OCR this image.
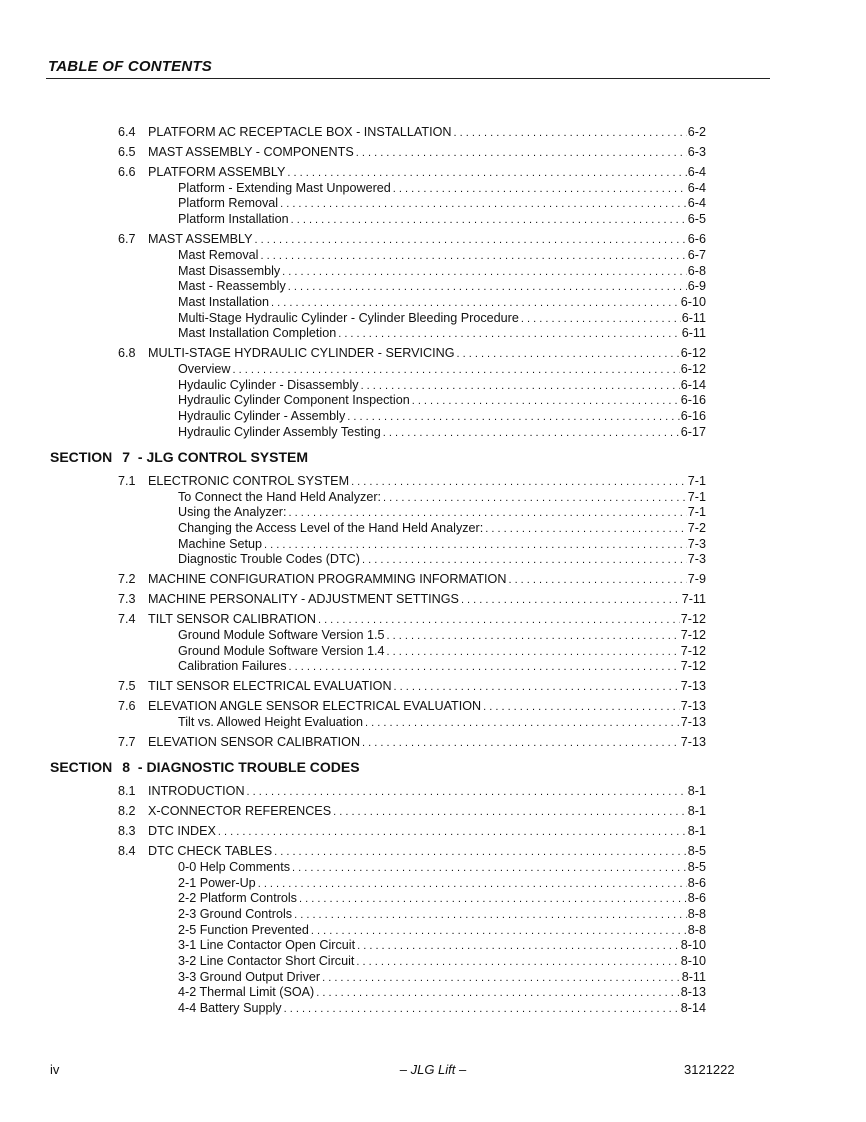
TABLE OF CONTENTS
6.4 PLATFORM AC RECEPTACLE BOX - INSTALLATION . . .	6-2
6.5 MAST ASSEMBLY - COMPONENTS . . .	6-3
6.6 PLATFORM ASSEMBLY . . .	6-4
Platform - Extending Mast Unpowered . . .	6-4
Platform Removal . . .	6-4
Platform Installation . . .	6-5
6.7 MAST ASSEMBLY . . .	6-6
Mast Removal . . .	6-7
Mast Disassembly . . .	6-8
Mast - Reassembly . . .	6-9
Mast Installation . . .	6-10
Multi-Stage Hydraulic Cylinder - Cylinder Bleeding Procedure . . .	6-11
Mast Installation Completion . . .	6-11
6.8 MULTI-STAGE HYDRAULIC CYLINDER - SERVICING . . .	6-12
Overview . . .	6-12
Hydaulic Cylinder - Disassembly . . .	6-14
Hydraulic Cylinder Component Inspection . . .	6-16
Hydraulic Cylinder - Assembly . . .	6-16
Hydraulic Cylinder Assembly Testing . . .	6-17
SECTION 7 - JLG CONTROL SYSTEM
7.1 ELECTRONIC CONTROL SYSTEM . . .	7-1
To Connect the Hand Held Analyzer: . . .	7-1
Using the Analyzer: . . .	7-1
Changing the Access Level of the Hand Held Analyzer: . . .	7-2
Machine Setup . . .	7-3
Diagnostic Trouble Codes (DTC) . . .	7-3
7.2 MACHINE CONFIGURATION PROGRAMMING INFORMATION . . .	7-9
7.3 MACHINE PERSONALITY - ADJUSTMENT SETTINGS . . .	7-11
7.4 TILT SENSOR CALIBRATION . . .	7-12
Ground Module Software Version 1.5 . . .	7-12
Ground Module Software Version 1.4 . . .	7-12
Calibration Failures . . .	7-12
7.5 TILT SENSOR ELECTRICAL EVALUATION . . .	7-13
7.6 ELEVATION ANGLE SENSOR ELECTRICAL EVALUATION . . .	7-13
Tilt vs. Allowed Height Evaluation . . .	7-13
7.7 ELEVATION SENSOR CALIBRATION . . .	7-13
SECTION 8 - DIAGNOSTIC TROUBLE CODES
8.1 INTRODUCTION . . .	8-1
8.2 X-CONNECTOR REFERENCES . . .	8-1
8.3 DTC INDEX . . .	8-1
8.4 DTC CHECK TABLES . . .	8-5
0-0 Help Comments . . .	8-5
2-1 Power-Up . . .	8-6
2-2 Platform Controls . . .	8-6
2-3 Ground Controls . . .	8-8
2-5 Function Prevented . . .	8-8
3-1 Line Contactor Open Circuit . . .	8-10
3-2 Line Contactor Short Circuit . . .	8-10
3-3 Ground Output Driver . . .	8-11
4-2 Thermal Limit (SOA) . . .	8-13
4-4 Battery Supply . . .	8-14
iv	– JLG Lift –	3121222
